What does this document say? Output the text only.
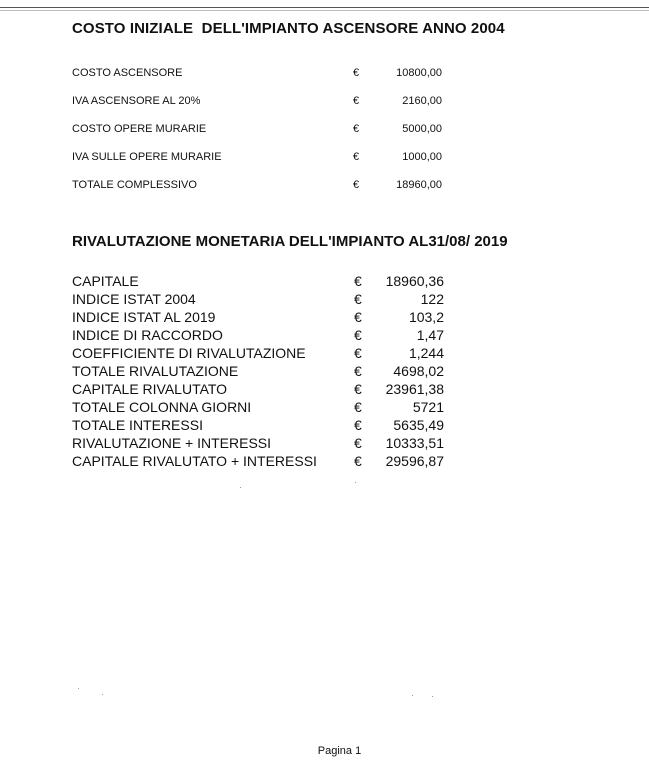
COSTO INIZIALE  DELL'IMPIANTO ASCENSORE ANNO 2004
COSTO ASCENSORE	€	10800,00
IVA ASCENSORE AL 20%	€	2160,00
COSTO OPERE MURARIE	€	5000,00
IVA SULLE OPERE MURARIE	€	1000,00
TOTALE COMPLESSIVO	€	18960,00
RIVALUTAZIONE MONETARIA DELL'IMPIANTO AL31/08/ 2019
CAPITALE	€	18960,36
INDICE ISTAT 2004	€	122
INDICE ISTAT AL 2019	€	103,2
INDICE DI RACCORDO	€	1,47
COEFFICIENTE DI RIVALUTAZIONE	€	1,244
TOTALE RIVALUTAZIONE	€	4698,02
CAPITALE RIVALUTATO	€	23961,38
TOTALE COLONNA GIORNI	€	5721
TOTALE INTERESSI	€	5635,49
RIVALUTAZIONE + INTERESSI	€	10333,51
CAPITALE RIVALUTATO + INTERESSI	€	29596,87
Pagina 1
